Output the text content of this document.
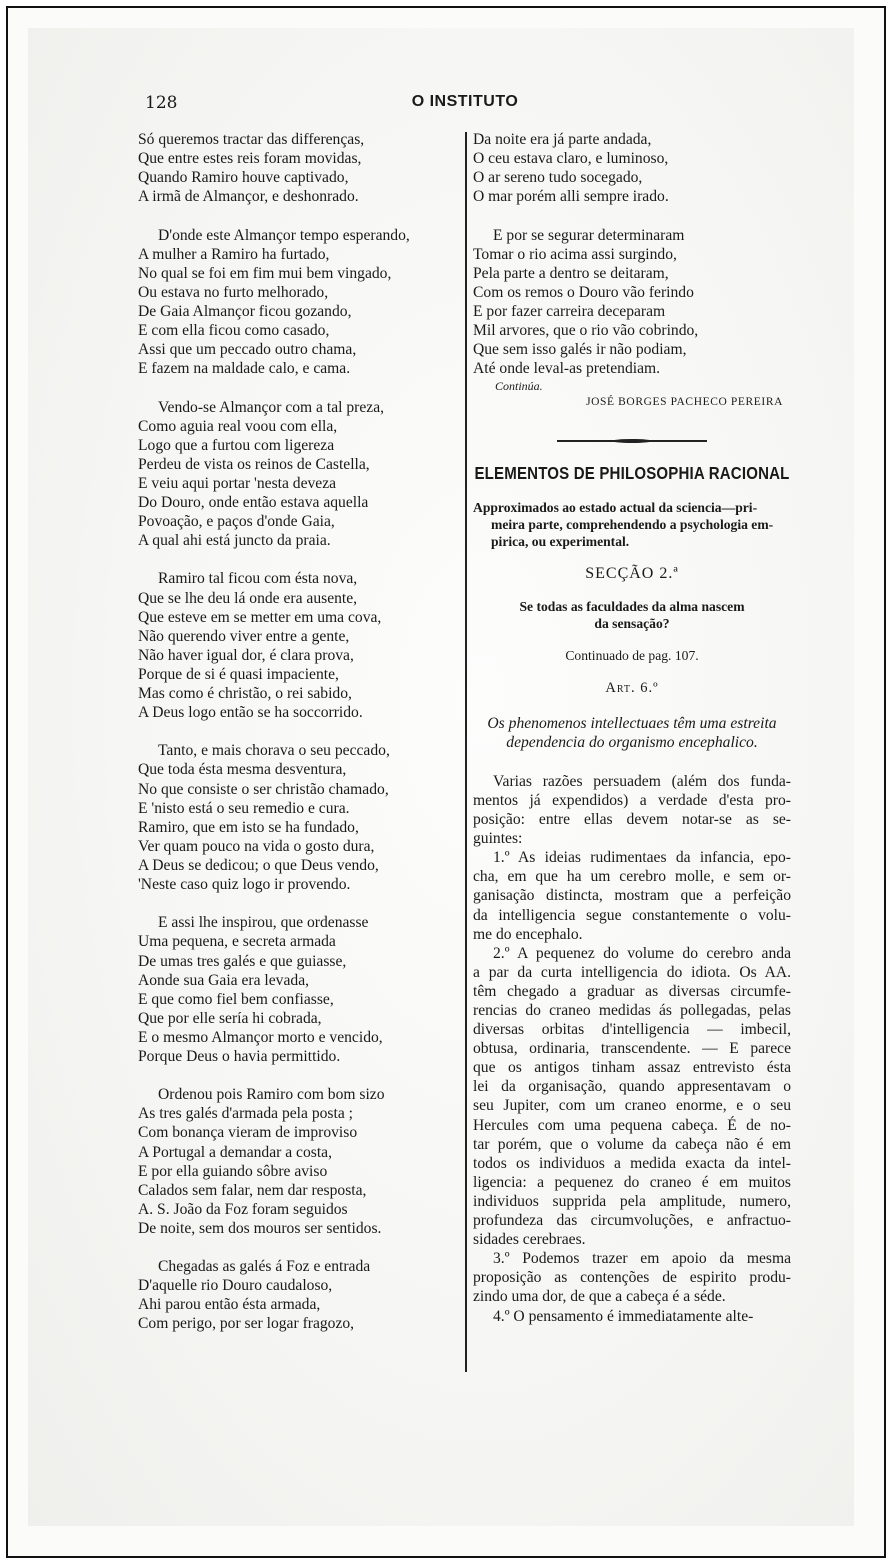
128	O INSTITUTO
Só queremos tractar das differenças,
Que entre estes reis foram movidas,
Quando Ramiro houve captivado,
A irmã de Almançor, e deshonrado.
D'onde este Almançor tempo esperando,
A mulher a Ramiro ha furtado,
No qual se foi em fim mui bem vingado,
Ou estava no furto melhorado,
De Gaia Almançor ficou gozando,
E com ella ficou como casado,
Assi que um peccado outro chama,
E fazem na maldade calo, e cama.
Vendo-se Almançor com a tal preza,
Como aguia real voou com ella,
Logo que a furtou com ligereza
Perdeu de vista os reinos de Castella,
E veiu aqui portar 'nesta deveza
Do Douro, onde então estava aquella
Povoação, e paços d'onde Gaia,
A qual ahi está juncto da praia.
Ramiro tal ficou com ésta nova,
Que se lhe deu lá onde era ausente,
Que esteve em se metter em uma cova,
Não querendo viver entre a gente,
Não haver igual dor, é clara prova,
Porque de si é quasi impaciente,
Mas como é christão, o rei sabido,
A Deus logo então se ha soccorrido.
Tanto, e mais chorava o seu peccado,
Que toda ésta mesma desventura,
No que consiste o ser christão chamado,
E 'nisto está o seu remedio e cura.
Ramiro, que em isto se ha fundado,
Ver quam pouco na vida o gosto dura,
A Deus se dedicou; o que Deus vendo,
'Neste caso quiz logo ir provendo.
E assi lhe inspirou, que ordenasse
Uma pequena, e secreta armada
De umas tres galés e que guiasse,
Aonde sua Gaia era levada,
E que como fiel bem confiasse,
Que por elle sería hi cobrada,
E o mesmo Almançor morto e vencido,
Porque Deus o havia permittido.
Ordenou pois Ramiro com bom sizo
As tres galés d'armada pela posta ;
Com bonança vieram de improviso
A Portugal a demandar a costa,
E por ella guiando sôbre aviso
Calados sem falar, nem dar resposta,
A. S. João da Foz foram seguidos
De noite, sem dos mouros ser sentidos.
Chegadas as galés á Foz e entrada
D'aquelle rio Douro caudaloso,
Ahi parou então ésta armada,
Com perigo, por ser logar fragozo,
Da noite era já parte andada,
O ceu estava claro, e luminoso,
O ar sereno tudo socegado,
O mar porém alli sempre irado.
E por se segurar determinaram
Tomar o rio acima assi surgindo,
Pela parte a dentro se deitaram,
Com os remos o Douro vão ferindo
E por fazer carreira deceparam
Mil arvores, que o rio vão cobrindo,
Que sem isso galés ir não podiam,
Até onde leval-as pretendiam.
Continúa.
JOSÉ BORGES PACHECO PEREIRA
ELEMENTOS DE PHILOSOPHIA RACIONAL
Approximados ao estado actual da sciencia—pri-
meira parte, comprehendendo a psychologia em-
pirica, ou experimental.
SECÇÃO 2.ª
Se todas as faculdades da alma nascem
da sensação?
Continuado de pag. 107.
Art. 6.º
Os phenomenos intellectuaes têm uma estreita
dependencia do organismo encephalico.
Varias razões persuadem (além dos funda-
mentos já expendidos) a verdade d'esta pro-
posição: entre ellas devem notar-se as se-
guintes:
1.º As ideias rudimentaes da infancia, epo-
cha, em que ha um cerebro molle, e sem or-
ganisação distincta, mostram que a perfeição
da intelligencia segue constantemente o volu-
me do encephalo.
2.º A pequenez do volume do cerebro anda
a par da curta intelligencia do idiota. Os AA.
têm chegado a graduar as diversas circumfe-
rencias do craneo medidas ás pollegadas, pelas
diversas orbitas d'intelligencia — imbecil,
obtusa, ordinaria, transcendente. — E parece
que os antigos tinham assaz entrevisto ésta
lei da organisação, quando appresentavam o
seu Jupiter, com um craneo enorme, e o seu
Hercules com uma pequena cabeça. É de no-
tar porém, que o volume da cabeça não é em
todos os individuos a medida exacta da intel-
ligencia: a pequenez do craneo é em muitos
individuos supprida pela amplitude, numero,
profundeza das circumvoluções, e anfractuo-
sidades cerebraes.
3.º Podemos trazer em apoio da mesma
proposição as contenções de espirito produ-
zindo uma dor, de que a cabeça é a séde.
4.º O pensamento é immediatamente alte-
